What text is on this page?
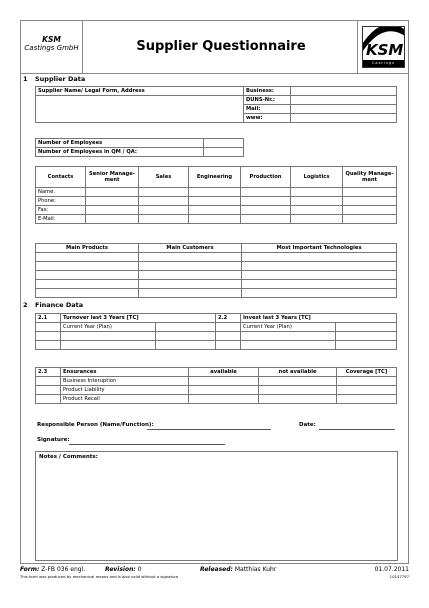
KSM
Castings GmbH	Supplier Questionnaire	KSM
Castings
1 Supplier Data
Supplier Name/ Legal Form, Address	Business:	
	DUNS-Nr.:	
	Mail:	
	www:	
Number of Employees	
Number of Employees in QM / QA:	
Contacts	Senior Manage-ment	Sales	Engineering	Production	Logistics	Quality Manage-ment
Name:						
Phone:						
Fax:						
E-Mail:						
Main Products	Main Customers	Most Important Technologies

2 Finance Data
2.1	Turnover last 3 Years [TC]		2.2	Invest last 3 Years [TC]	
	Current Year (Plan)			Current Year (Plan)	

2.3	Ensurances	available	not available	Coverage [TC]
	Business Interuption			
	Product Liability			
	Product Recall			
Responsible Person (Name/Function):	Date:
Signature:
Notes / Comments:
Form: Z-FB 036 engl.	Revision: 0	Released: Matthias Kuhr	01.07.2011
This form was produced by mechanical means and is also valid without a signature	10147797
